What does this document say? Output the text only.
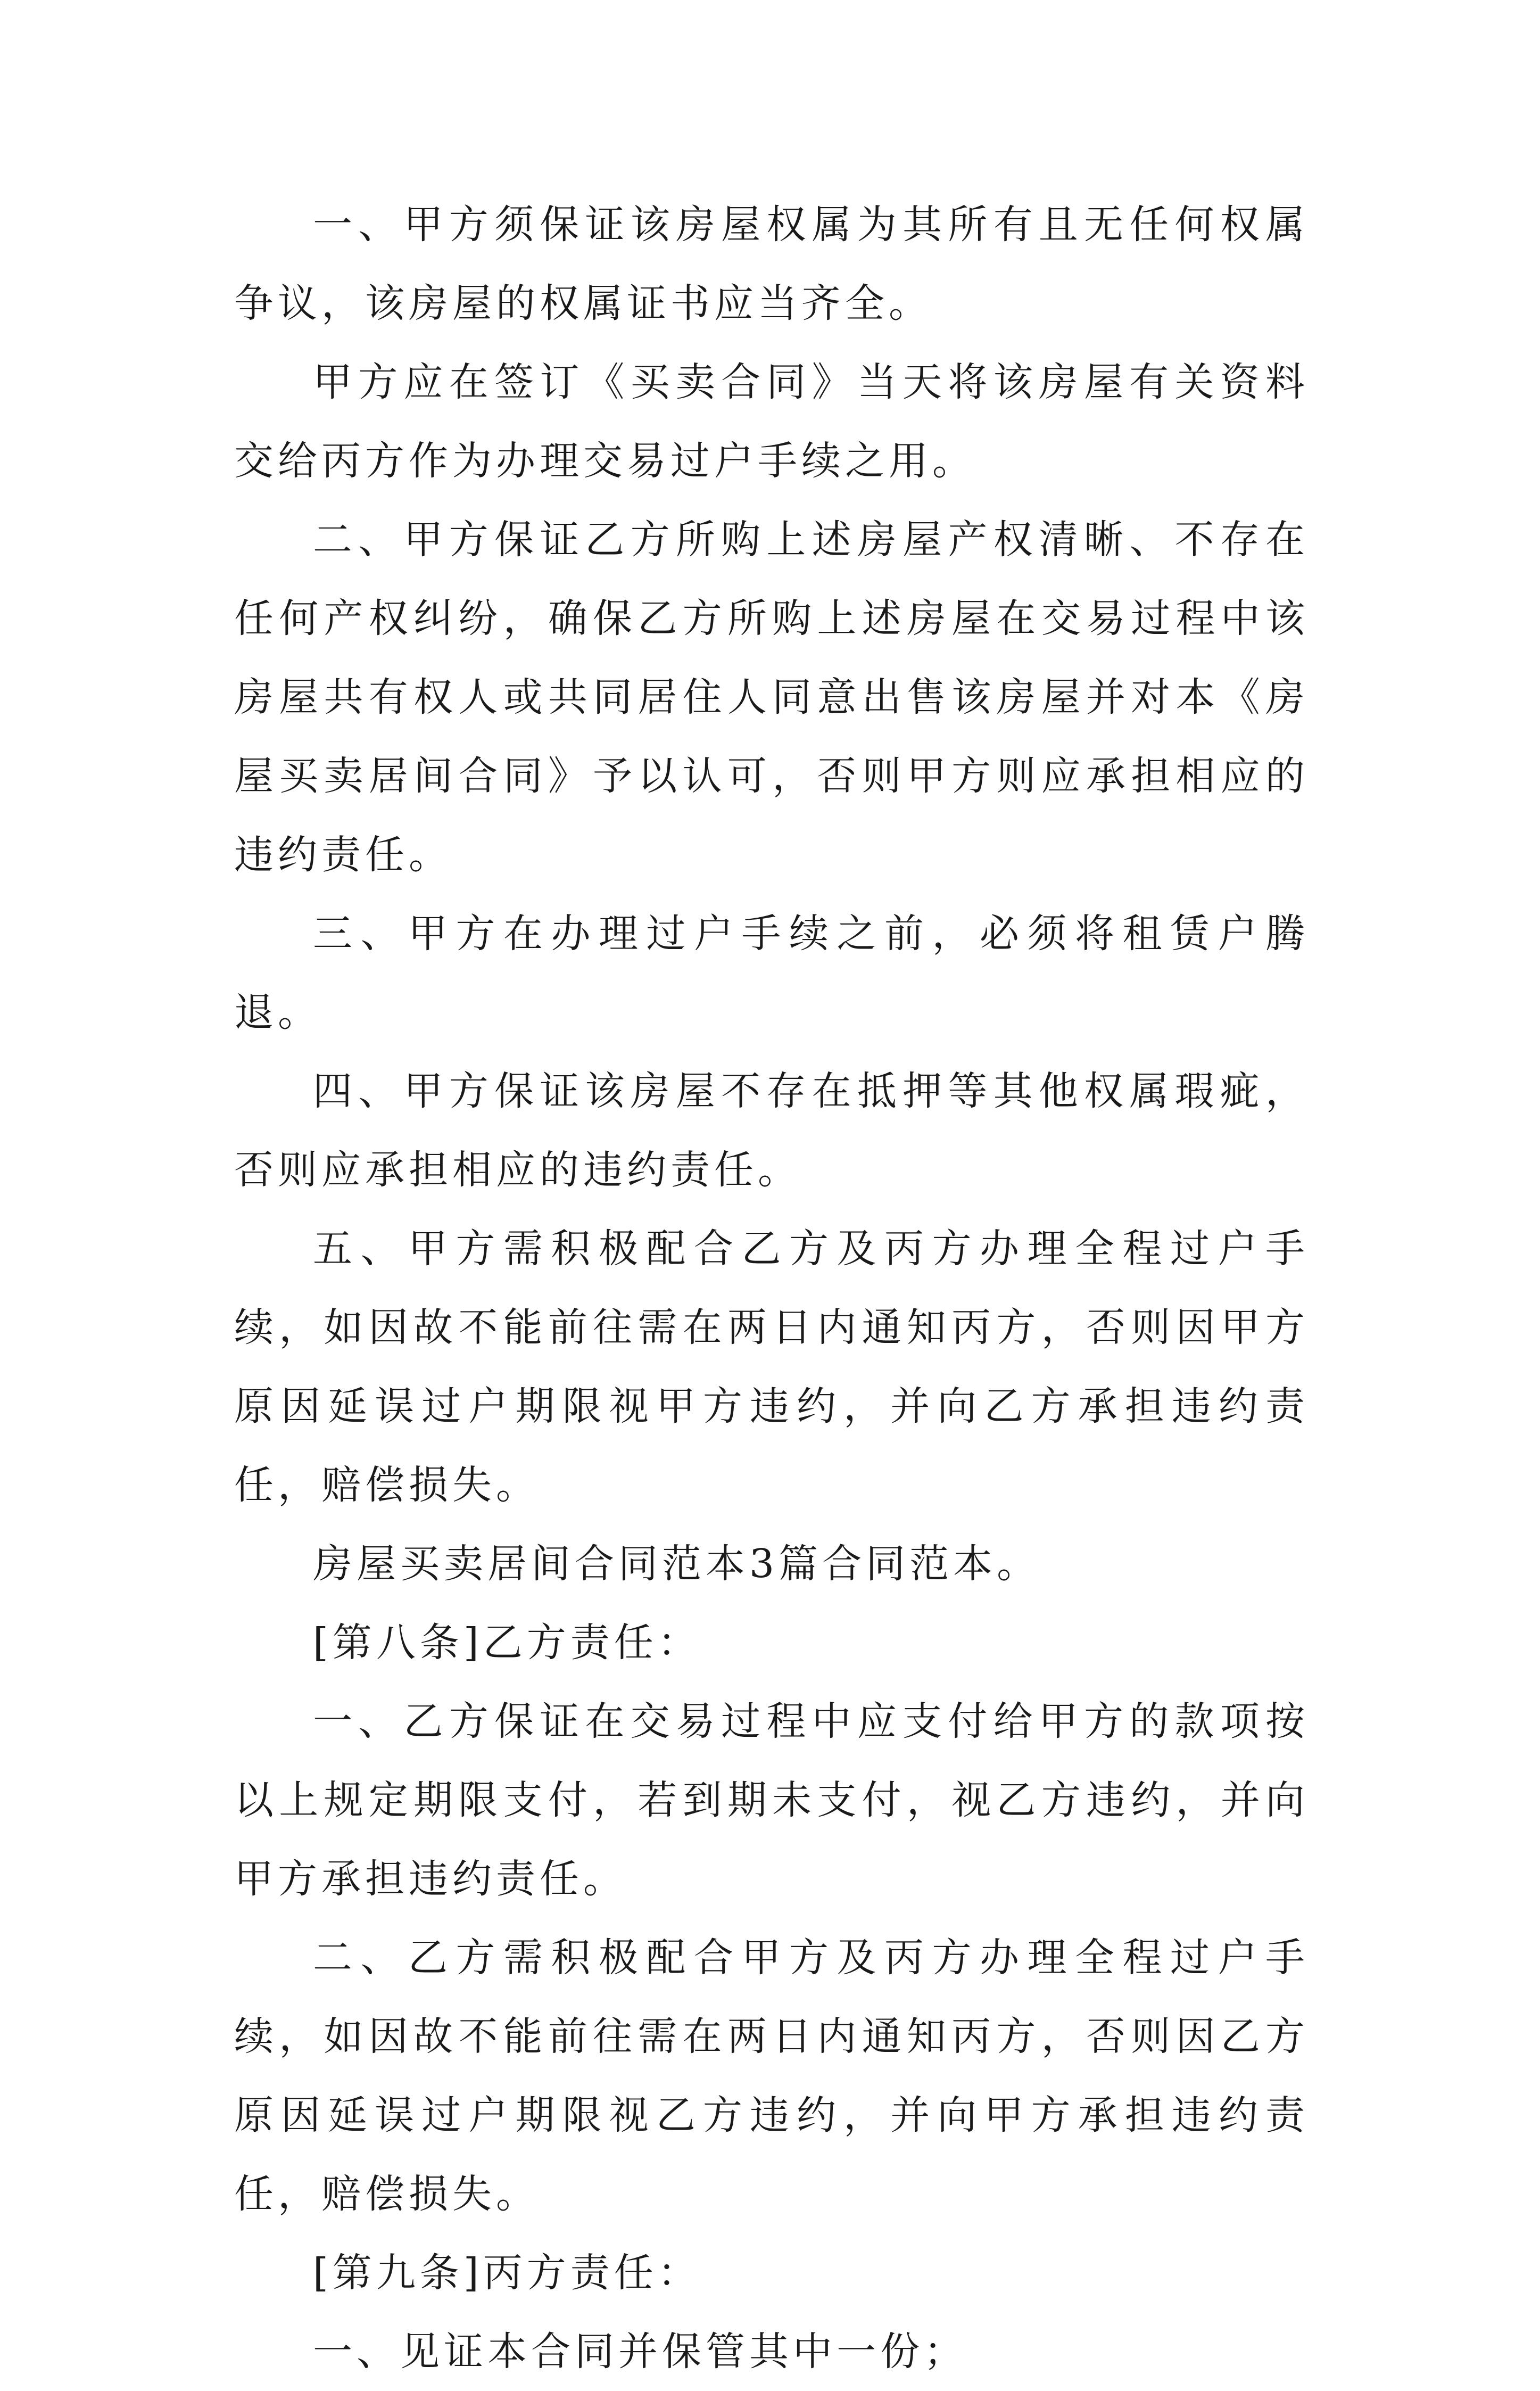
一、甲方须保证该房屋权属为其所有且无任何权属争议，该房屋的权属证书应当齐全。

甲方应在签订《买卖合同》当天将该房屋有关资料交给丙方作为办理交易过户手续之用。

二、甲方保证乙方所购上述房屋产权清晰、不存在任何产权纠纷，确保乙方所购上述房屋在交易过程中该房屋共有权人或共同居住人同意出售该房屋并对本《房屋买卖居间合同》予以认可，否则甲方则应承担相应的违约责任。

三、甲方在办理过户手续之前，必须将租赁户腾退。

四、甲方保证该房屋不存在抵押等其他权属瑕疵，否则应承担相应的违约责任。

五、甲方需积极配合乙方及丙方办理全程过户手续，如因故不能前往需在两日内通知丙方，否则因甲方原因延误过户期限视甲方违约，并向乙方承担违约责任，赔偿损失。

房屋买卖居间合同范本3篇合同范本。

[第八条]乙方责任：

一、乙方保证在交易过程中应支付给甲方的款项按以上规定期限支付，若到期未支付，视乙方违约，并向甲方承担违约责任。

二、乙方需积极配合甲方及丙方办理全程过户手续，如因故不能前往需在两日内通知丙方，否则因乙方原因延误过户期限视乙方违约，并向甲方承担违约责任，赔偿损失。

[第九条]丙方责任：

一、见证本合同并保管其中一份；
